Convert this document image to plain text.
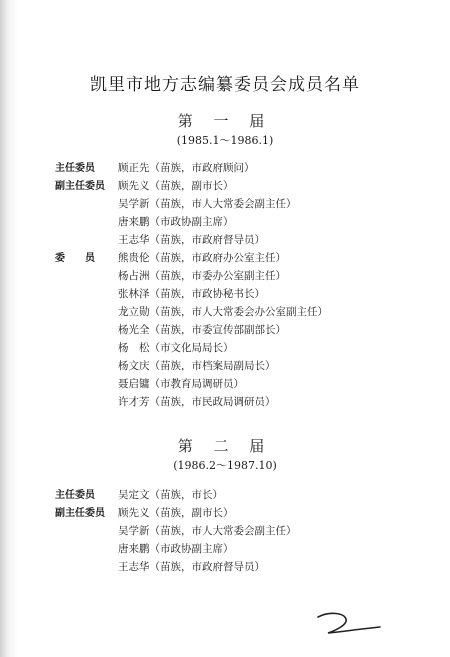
凯里市地方志编纂委员会成员名单
第 一 届
(1985.1～1986.1)
主任委员 顾正先（苗族，市政府顾问）
副主任委员 顾先义（苗族，副市长）
吴学新（苗族，市人大常委会副主任）
唐来鹏（市政协副主席）
王志华（苗族，市政府督导员）
委　　员 熊贵伦（苗族，市政府办公室主任）
杨占洲（苗族，市委办公室副主任）
张林泽（苗族，市政协秘书长）
龙立勋（苗族，市人大常委会办公室副主任）
杨光全（苗族，市委宣传部副部长）
杨　松（市文化局局长）
杨文庆（苗族，市档案局副局长）
聂启镛（市教育局调研员）
许才芳（苗族，市民政局调研员）
第 二 届
(1986.2～1987.10)
主任委员 吴定文（苗族，市长）
副主任委员 顾先义（苗族，副市长）
吴学新（苗族，市人大常委会副主任）
唐来鹏（市政协副主席）
王志华（苗族，市政府督导员）
